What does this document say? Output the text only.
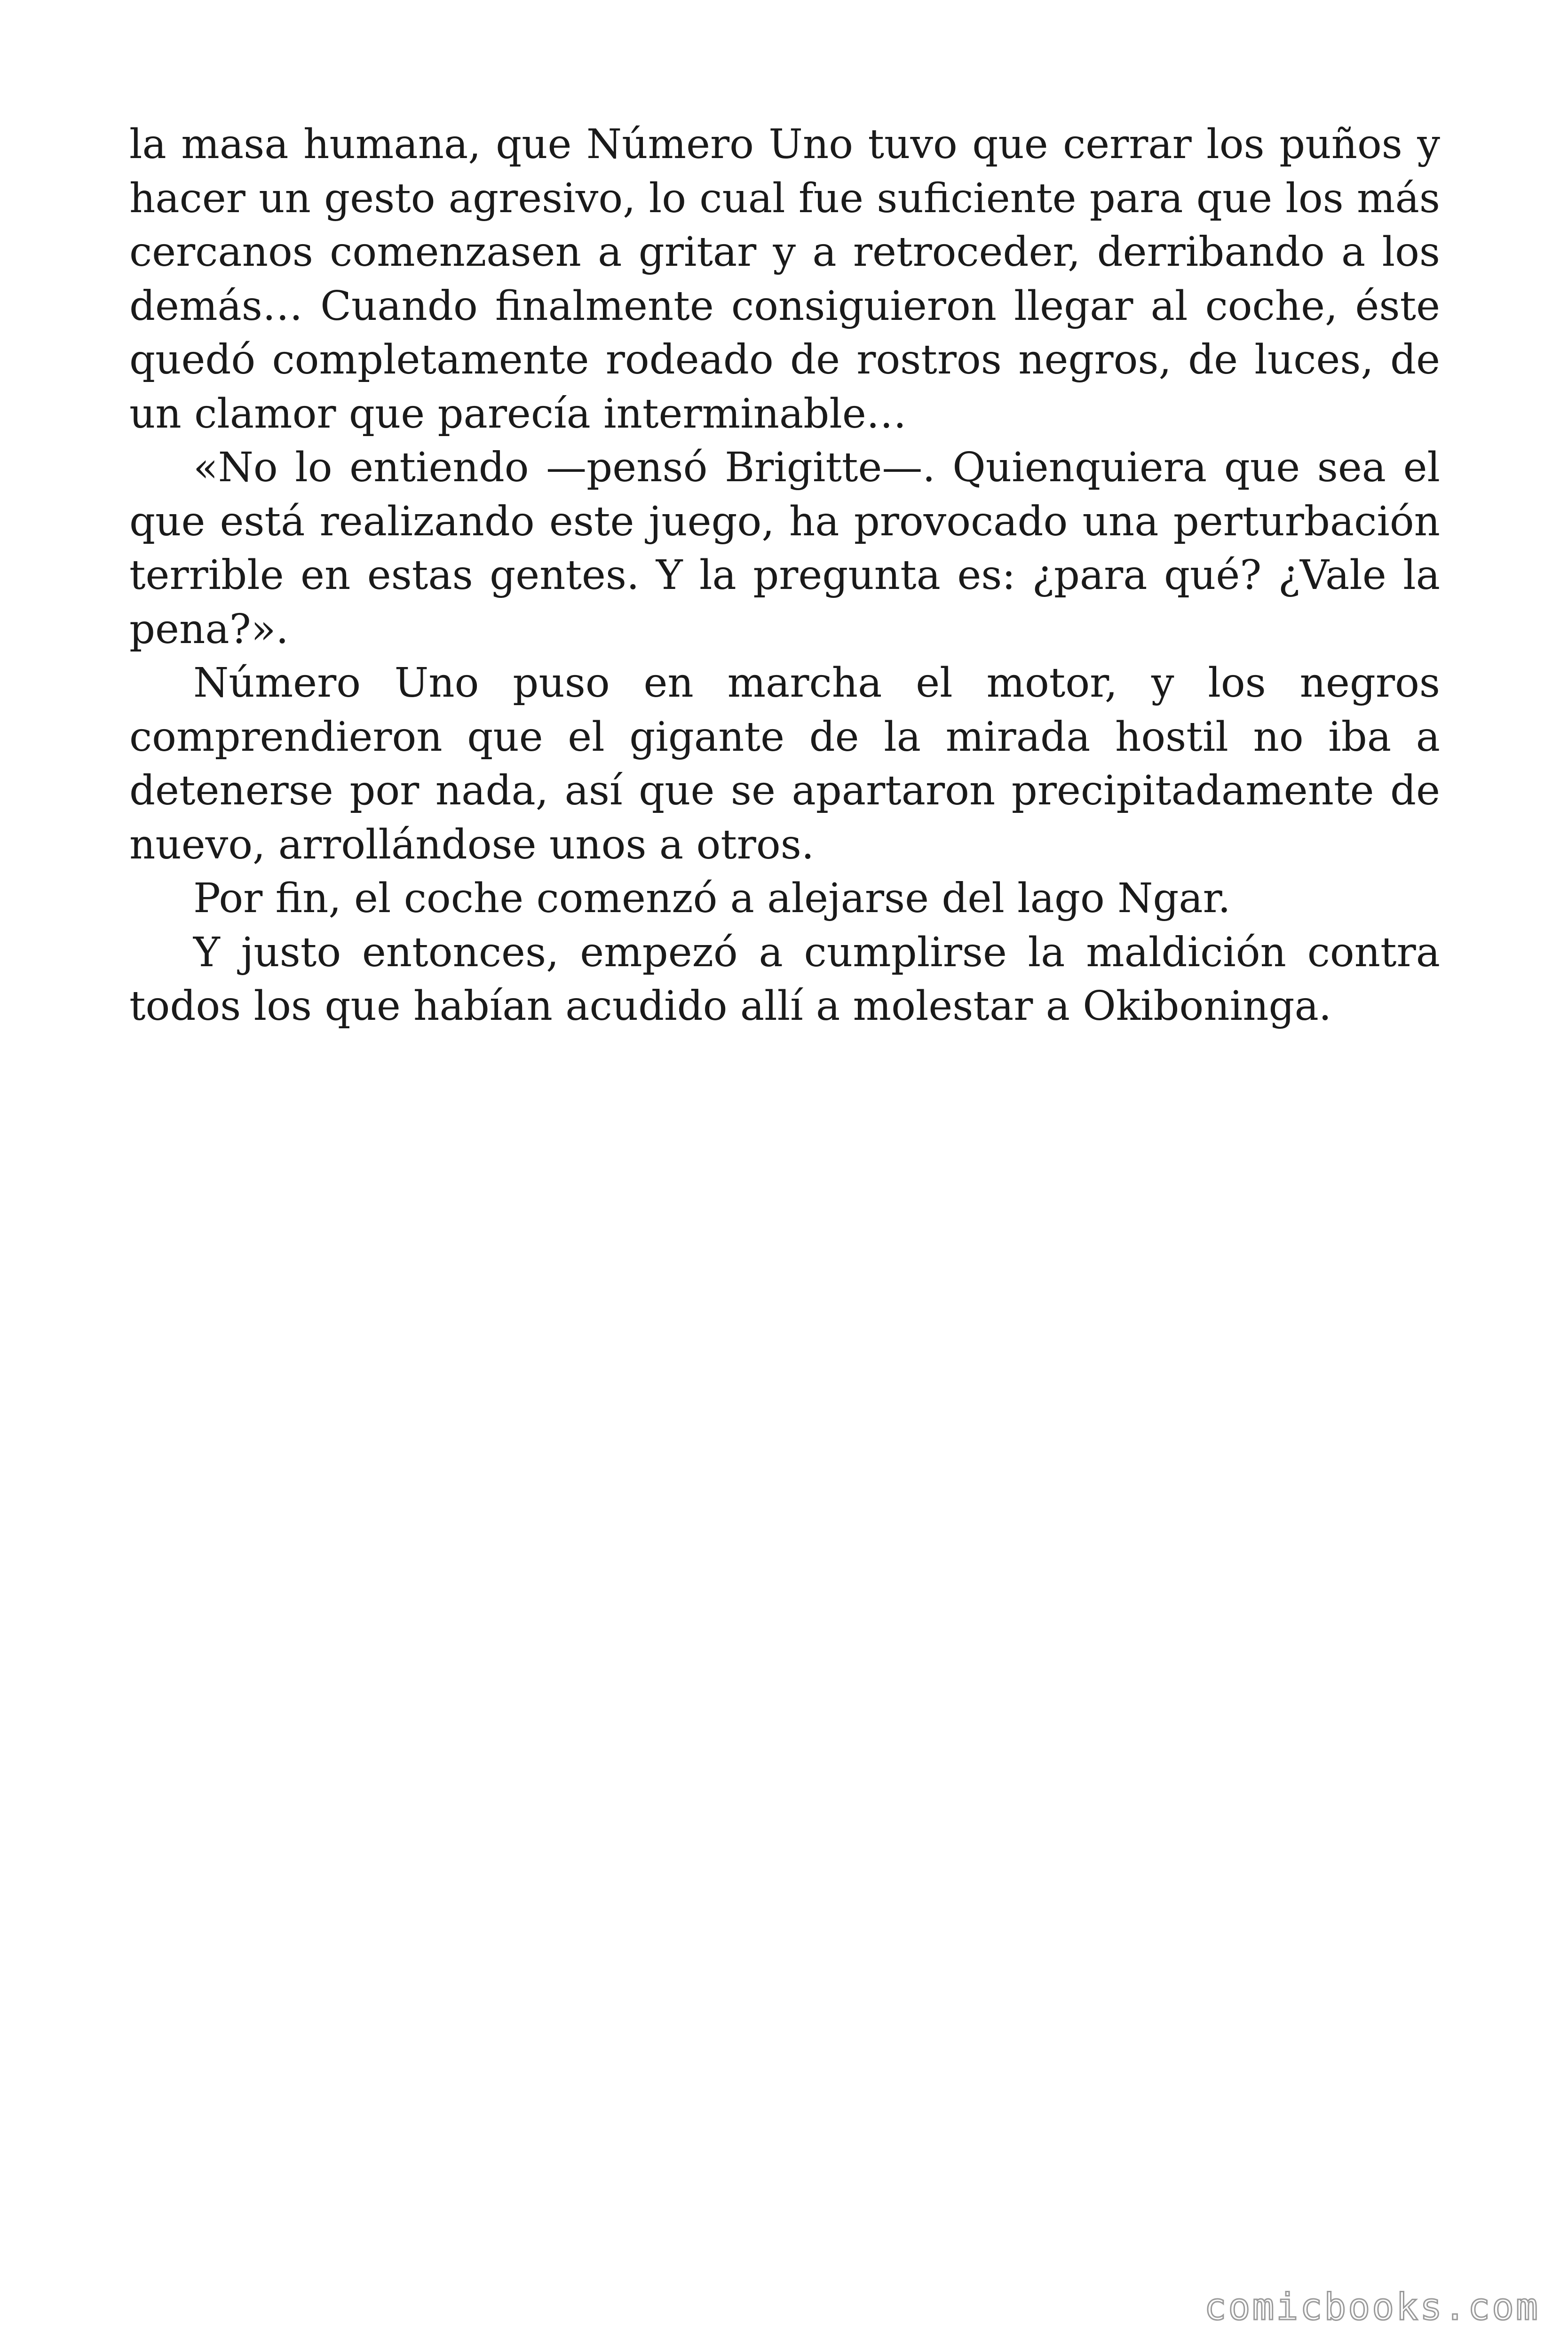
la masa humana, que Número Uno tuvo que cerrar los puños y hacer un gesto agresivo, lo cual fue suficiente para que los más cercanos comenzasen a gritar y a retroceder, derribando a los demás… Cuando finalmente consiguieron llegar al coche, éste quedó completamente rodeado de rostros negros, de luces, de un clamor que parecía interminable…

«No lo entiendo —pensó Brigitte—. Quienquiera que sea el que está realizando este juego, ha provocado una perturbación terrible en estas gentes. Y la pregunta es: ¿para qué? ¿Vale la pena?».

Número Uno puso en marcha el motor, y los negros comprendieron que el gigante de la mirada hostil no iba a detenerse por nada, así que se apartaron precipitadamente de nuevo, arrollándose unos a otros.

Por fin, el coche comenzó a alejarse del lago Ngar.

Y justo entonces, empezó a cumplirse la maldición contra todos los que habían acudido allí a molestar a Okiboninga.

comicbooks.com
